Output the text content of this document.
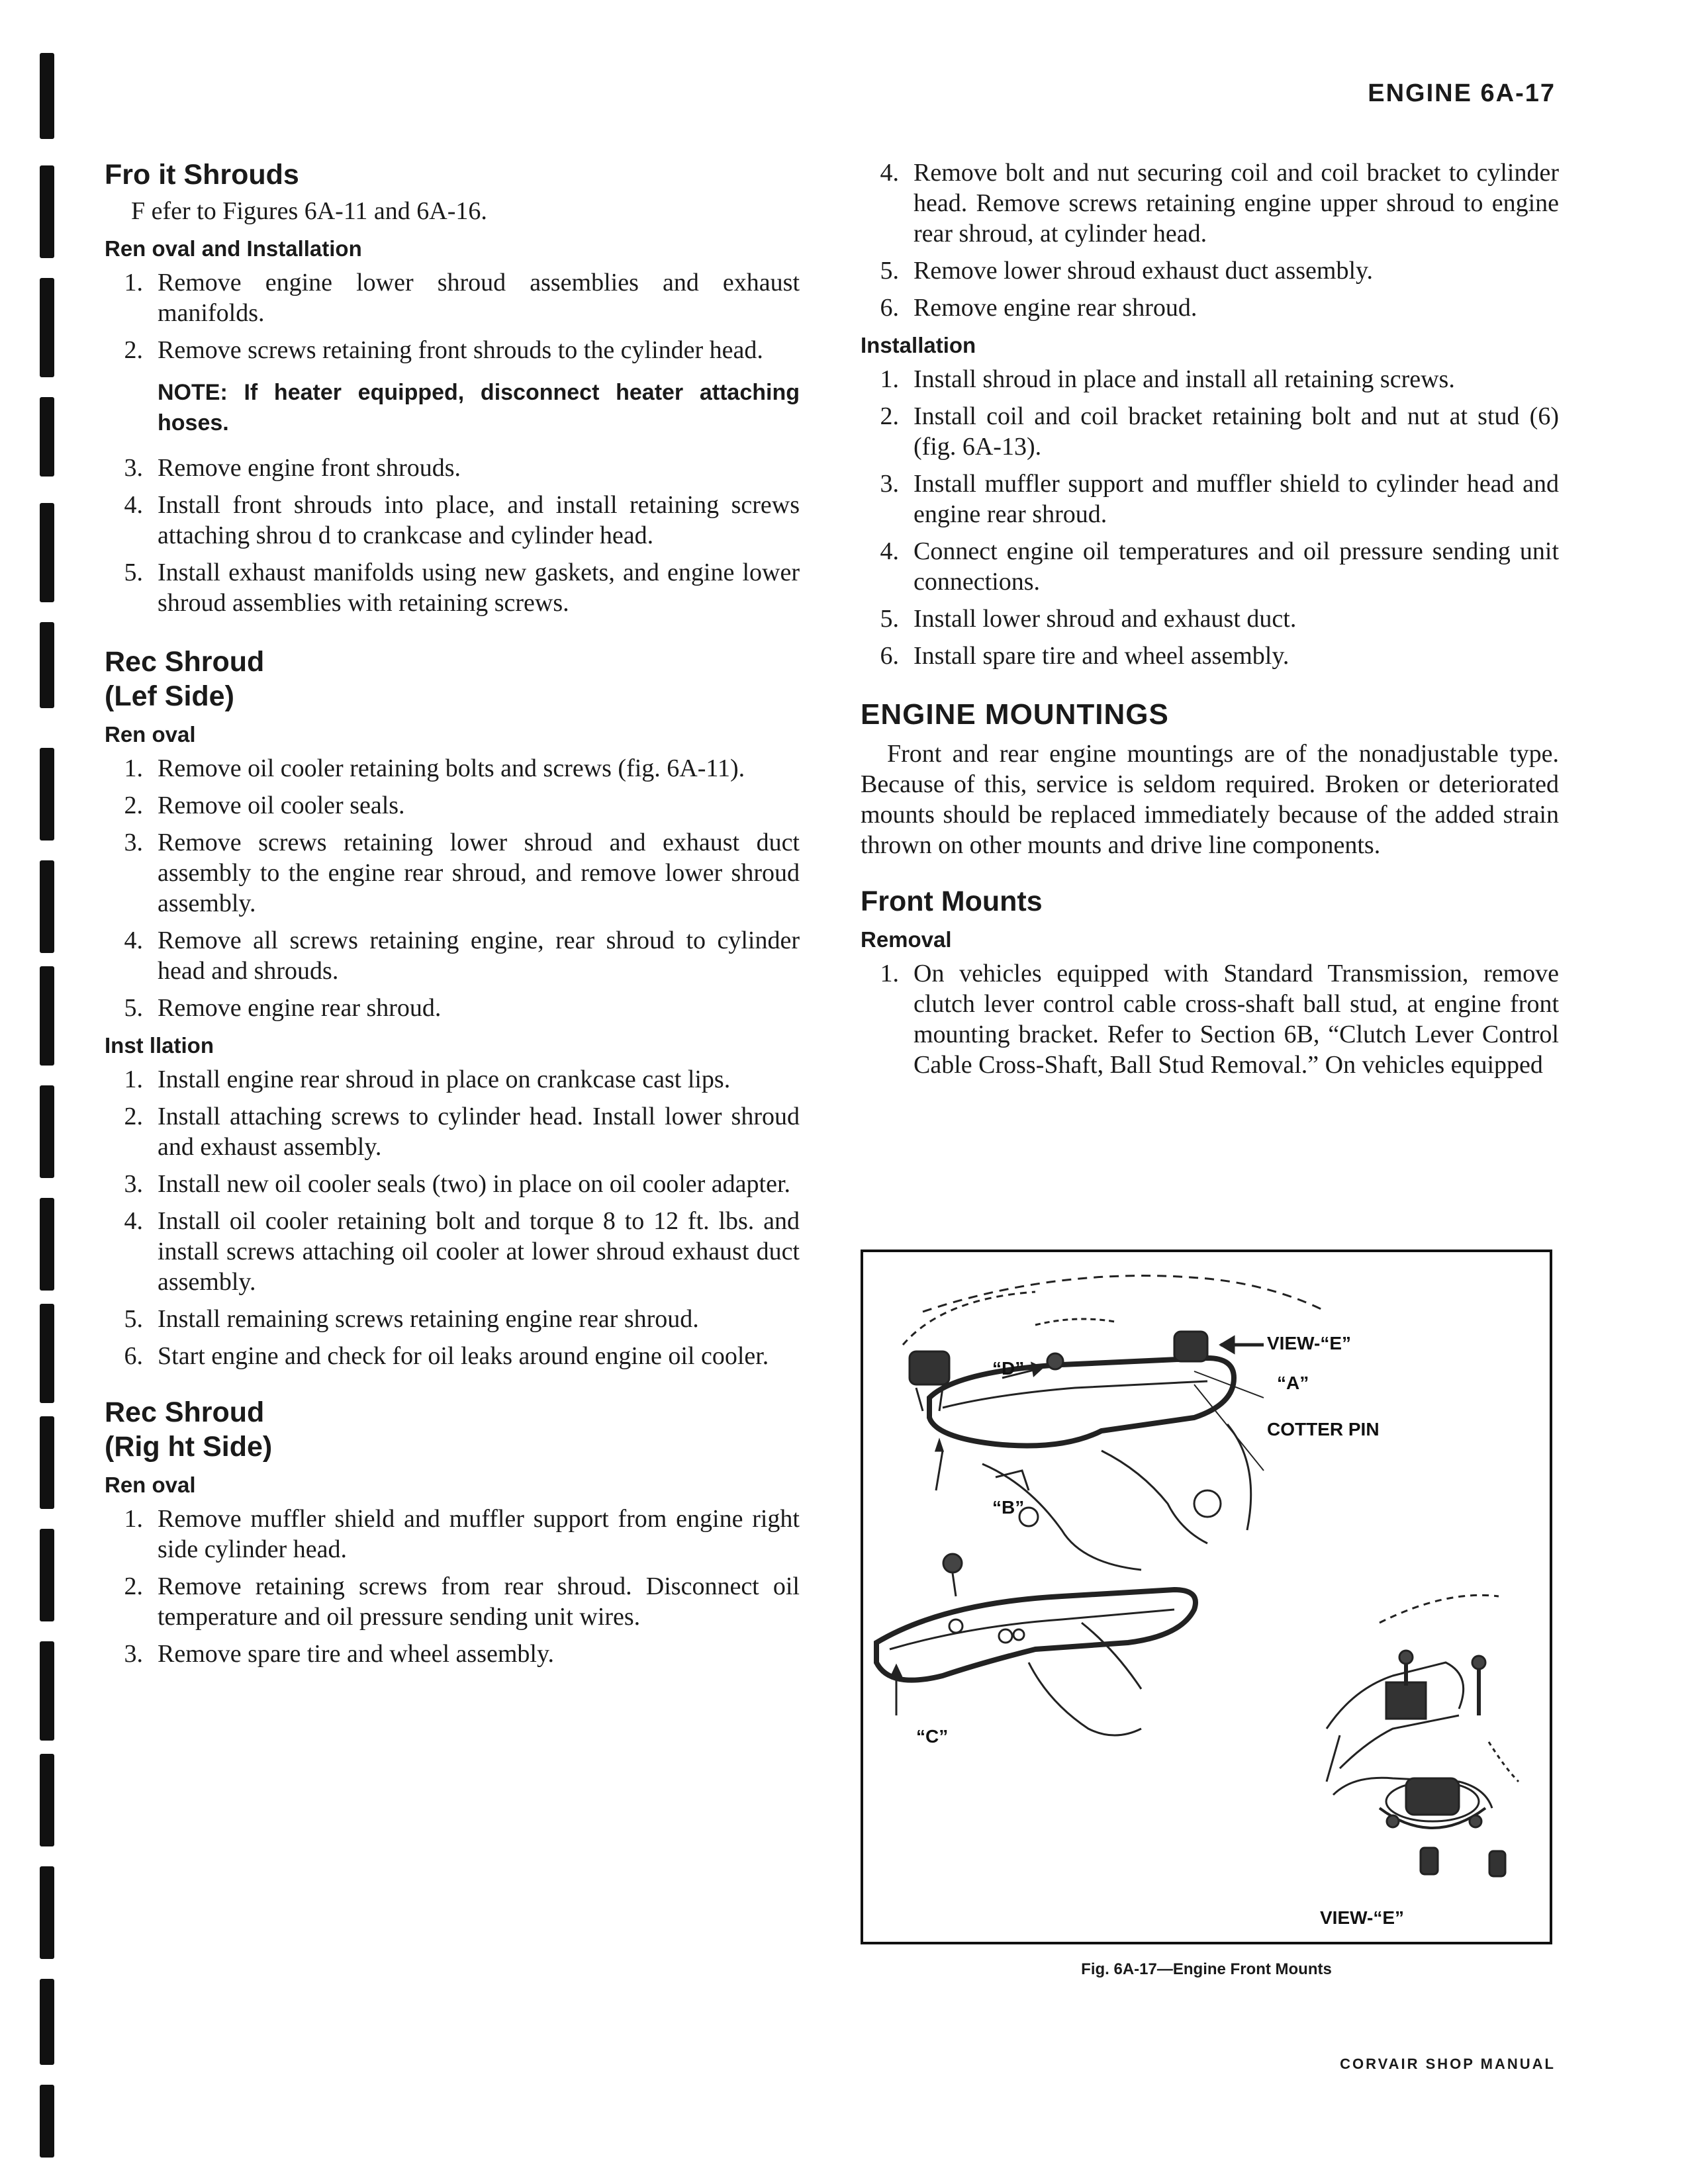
ENGINE 6A-17
Fro it Shrouds

F efer to Figures 6A-11 and 6A-16.

Ren oval and Installation
1. Remove engine lower shroud assemblies and exhaust manifolds.
2. Remove screws retaining front shrouds to the cylinder head.
NOTE: If heater equipped, disconnect heater attaching hoses.
3. Remove engine front shrouds.
4. Install front shrouds into place, and install retaining screws attaching shrou d to crankcase and cylinder head.
5. Install exhaust manifolds using new gaskets, and engine lower shroud assemblies with retaining screws.
Rec Shroud
(Lef Side)
Ren oval
1. Remove oil cooler retaining bolts and screws (fig. 6A-11).
2. Remove oil cooler seals.
3. Remove screws retaining lower shroud and exhaust duct assembly to the engine rear shroud, and remove lower shroud assembly.
4. Remove all screws retaining engine, rear shroud to cylinder head and shrouds.
5. Remove engine rear shroud.
Inst llation
1. Install engine rear shroud in place on crankcase cast lips.
2. Install attaching screws to cylinder head. Install lower shroud and exhaust assembly.
3. Install new oil cooler seals (two) in place on oil cooler adapter.
4. Install oil cooler retaining bolt and torque 8 to 12 ft. lbs. and install screws attaching oil cooler at lower shroud exhaust duct assembly.
5. Install remaining screws retaining engine rear shroud.
6. Start engine and check for oil leaks around engine oil cooler.
Rec Shroud
(Rig ht Side)
Ren oval
1. Remove muffler shield and muffler support from engine right side cylinder head.
2. Remove retaining screws from rear shroud. Disconnect oil temperature and oil pressure sending unit wires.
3. Remove spare tire and wheel assembly.
4. Remove bolt and nut securing coil and coil bracket to cylinder head. Remove screws retaining engine upper shroud to engine rear shroud, at cylinder head.
5. Remove lower shroud exhaust duct assembly.
6. Remove engine rear shroud.
Installation
1. Install shroud in place and install all retaining screws.
2. Install coil and coil bracket retaining bolt and nut at stud (6) (fig. 6A-13).
3. Install muffler support and muffler shield to cylinder head and engine rear shroud.
4. Connect engine oil temperatures and oil pressure sending unit connections.
5. Install lower shroud and exhaust duct.
6. Install spare tire and wheel assembly.
ENGINE MOUNTINGS

Front and rear engine mountings are of the nonadjustable type. Because of this, service is seldom required. Broken or deteriorated mounts should be replaced immediately because of the added strain thrown on other mounts and drive line components.

Front Mounts
Removal
1. On vehicles equipped with Standard Transmission, remove clutch lever control cable cross-shaft ball stud, at engine front mounting bracket. Refer to Section 6B, “Clutch Lever Control Cable Cross-Shaft, Ball Stud Removal.” On vehicles equipped
VIEW-“E”
“D”
“A”
COTTER PIN
“B”
“C”
VIEW-“E”
Fig. 6A-17—Engine Front Mounts
CORVAIR SHOP MANUAL
